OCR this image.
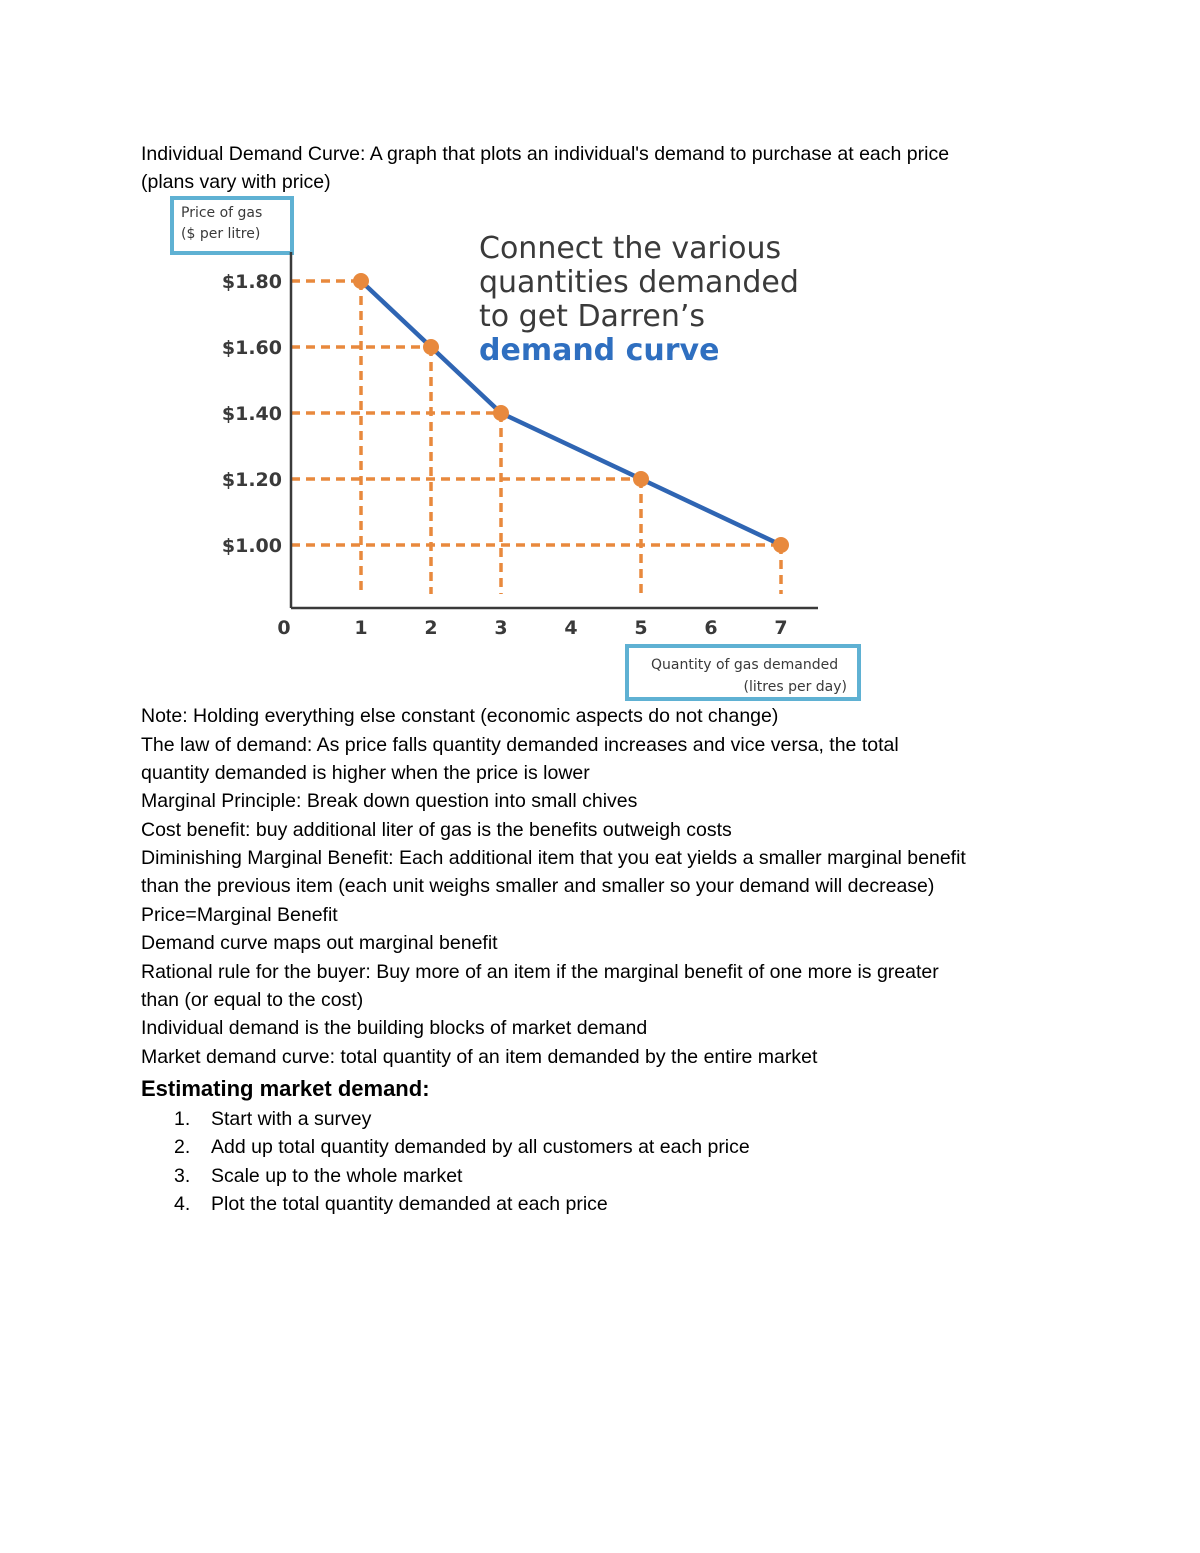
Individual Demand Curve: A graph that plots an individual's demand to purchase at each price
(plans vary with price)
Price of gas
($ per litre)
Quantity of gas demanded
(litres per day)
Connect the various
quantities demanded
to get Darren’s
demand curve
$1.80
$1.60
$1.40
$1.20
$1.00
0	1	2	3	4	5	6	7
Note: Holding everything else constant (economic aspects do not change)
The law of demand: As price falls quantity demanded increases and vice versa, the total
quantity demanded is higher when the price is lower
Marginal Principle: Break down question into small chives
Cost benefit: buy additional liter of gas is the benefits outweigh costs
Diminishing Marginal Benefit: Each additional item that you eat yields a smaller marginal benefit
than the previous item (each unit weighs smaller and smaller so your demand will decrease)
Price=Marginal Benefit
Demand curve maps out marginal benefit
Rational rule for the buyer: Buy more of an item if the marginal benefit of one more is greater
than (or equal to the cost)
Individual demand is the building blocks of market demand
Market demand curve: total quantity of an item demanded by the entire market
Estimating market demand:
1. Start with a survey
2. Add up total quantity demanded by all customers at each price
3. Scale up to the whole market
4. Plot the total quantity demanded at each price
